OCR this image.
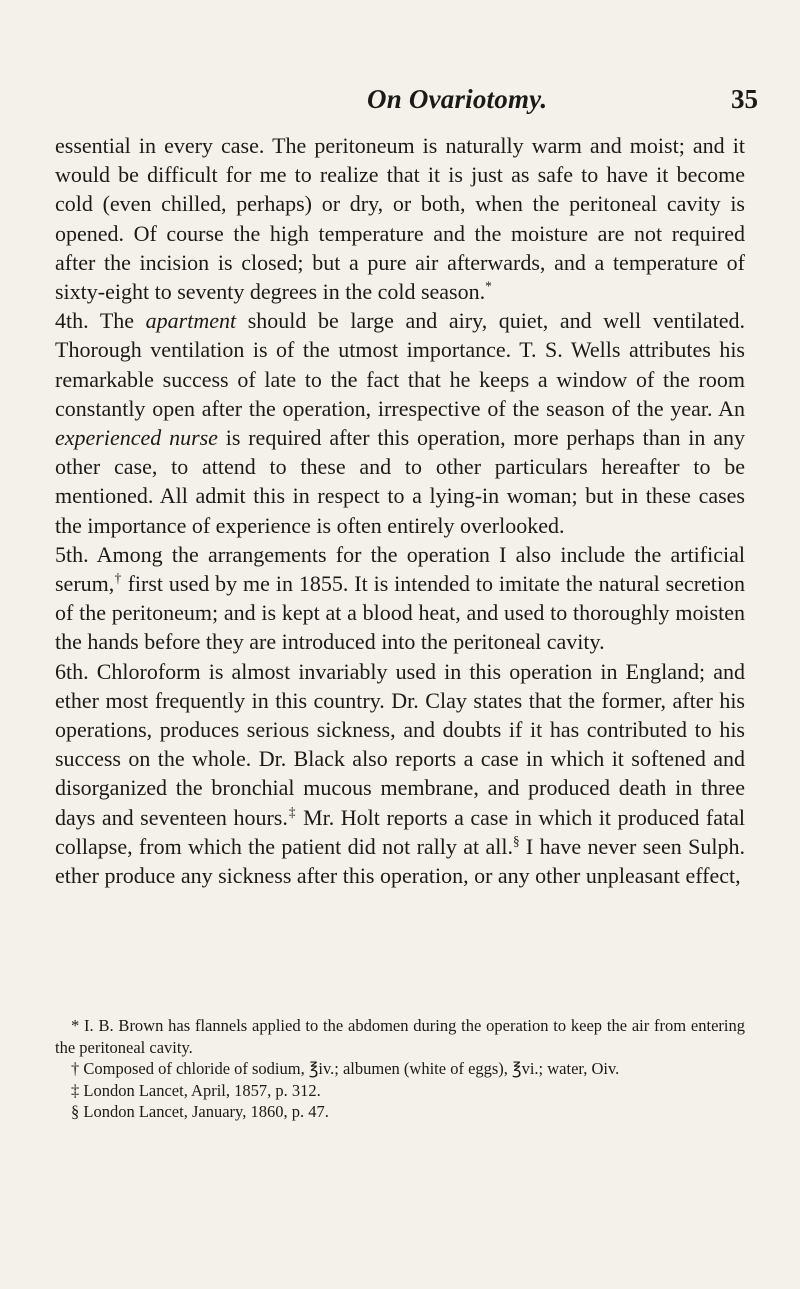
On Ovariotomy.	35

essential in every case. The peritoneum is naturally warm and moist; and it would be difficult for me to realize that it is just as safe to have it become cold (even chilled, perhaps) or dry, or both, when the peritoneal cavity is opened. Of course the high temperature and the moisture are not required after the incision is closed; but a pure air afterwards, and a temperature of sixty-eight to seventy degrees in the cold season.*

4th. The apartment should be large and airy, quiet, and well ventilated. Thorough ventilation is of the utmost importance. T. S. Wells attributes his remarkable success of late to the fact that he keeps a window of the room constantly open after the operation, irrespective of the season of the year. An experienced nurse is required after this operation, more perhaps than in any other case, to attend to these and to other particulars hereafter to be mentioned. All admit this in respect to a lying-in woman; but in these cases the importance of experience is often entirely overlooked.

5th. Among the arrangements for the operation I also include the artificial serum,† first used by me in 1855. It is intended to imitate the natural secretion of the peritoneum; and is kept at a blood heat, and used to thoroughly moisten the hands before they are introduced into the peritoneal cavity.

6th. Chloroform is almost invariably used in this operation in England; and ether most frequently in this country. Dr. Clay states that the former, after his operations, produces serious sickness, and doubts if it has contributed to his success on the whole. Dr. Black also reports a case in which it softened and disorganized the bronchial mucous membrane, and produced death in three days and seventeen hours.‡ Mr. Holt reports a case in which it produced fatal collapse, from which the patient did not rally at all.§ I have never seen Sulph. ether produce any sickness after this operation, or any other unpleasant effect,

* I. B. Brown has flannels applied to the abdomen during the operation to keep the air from entering the peritoneal cavity.

† Composed of chloride of sodium, ℥iv.; albumen (white of eggs), ℥vi.; water, Oiv.

‡ London Lancet, April, 1857, p. 312.

§ London Lancet, January, 1860, p. 47.
